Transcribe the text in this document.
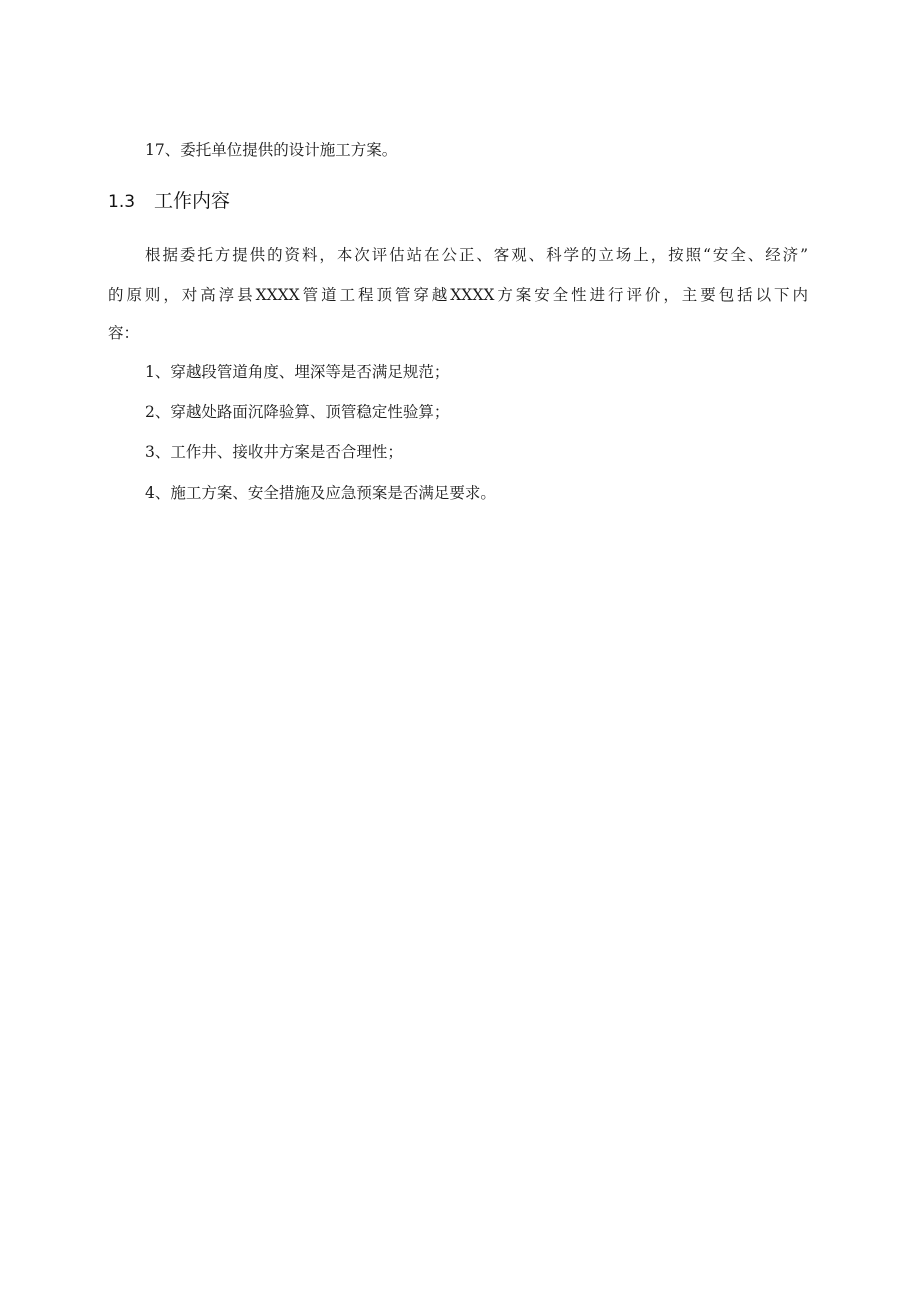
17、委托单位提供的设计施工方案。
1.3 工作内容
根据委托方提供的资料，本次评估站在公正、客观、科学的立场上，按照“安全、经济”
的原则，对高淳县XXXX管道工程顶管穿越XXXX方案安全性进行评价，主要包括以下内
容：
1、穿越段管道角度、埋深等是否满足规范；
2、穿越处路面沉降验算、顶管稳定性验算；
3、工作井、接收井方案是否合理性；
4、施工方案、安全措施及应急预案是否满足要求。
